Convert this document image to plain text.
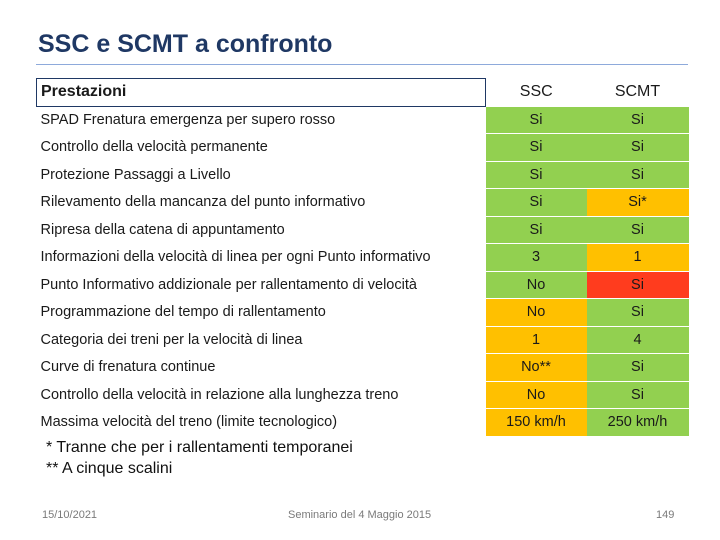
SSC e SCMT a confronto
Prestazioni	SSC	SCMT
SPAD Frenatura emergenza per supero rosso	Si	Si
Controllo della velocità permanente	Si	Si
Protezione Passaggi a Livello	Si	Si
Rilevamento della mancanza del punto informativo	Si	Si*
Ripresa della catena di appuntamento	Si	Si
Informazioni della velocità di linea per ogni Punto informativo	3	1
Punto Informativo addizionale per rallentamento di velocità	No	Si
Programmazione del tempo di rallentamento	No	Si
Categoria dei treni per la velocità di linea	1	4
Curve di frenatura continue	No**	Si
Controllo della velocità in relazione alla lunghezza treno	No	Si
Massima velocità del treno (limite tecnologico)	150 km/h	250 km/h
* Tranne che per i rallentamenti temporanei
** A cinque scalini
15/10/2021	Seminario del 4 Maggio 2015	149
